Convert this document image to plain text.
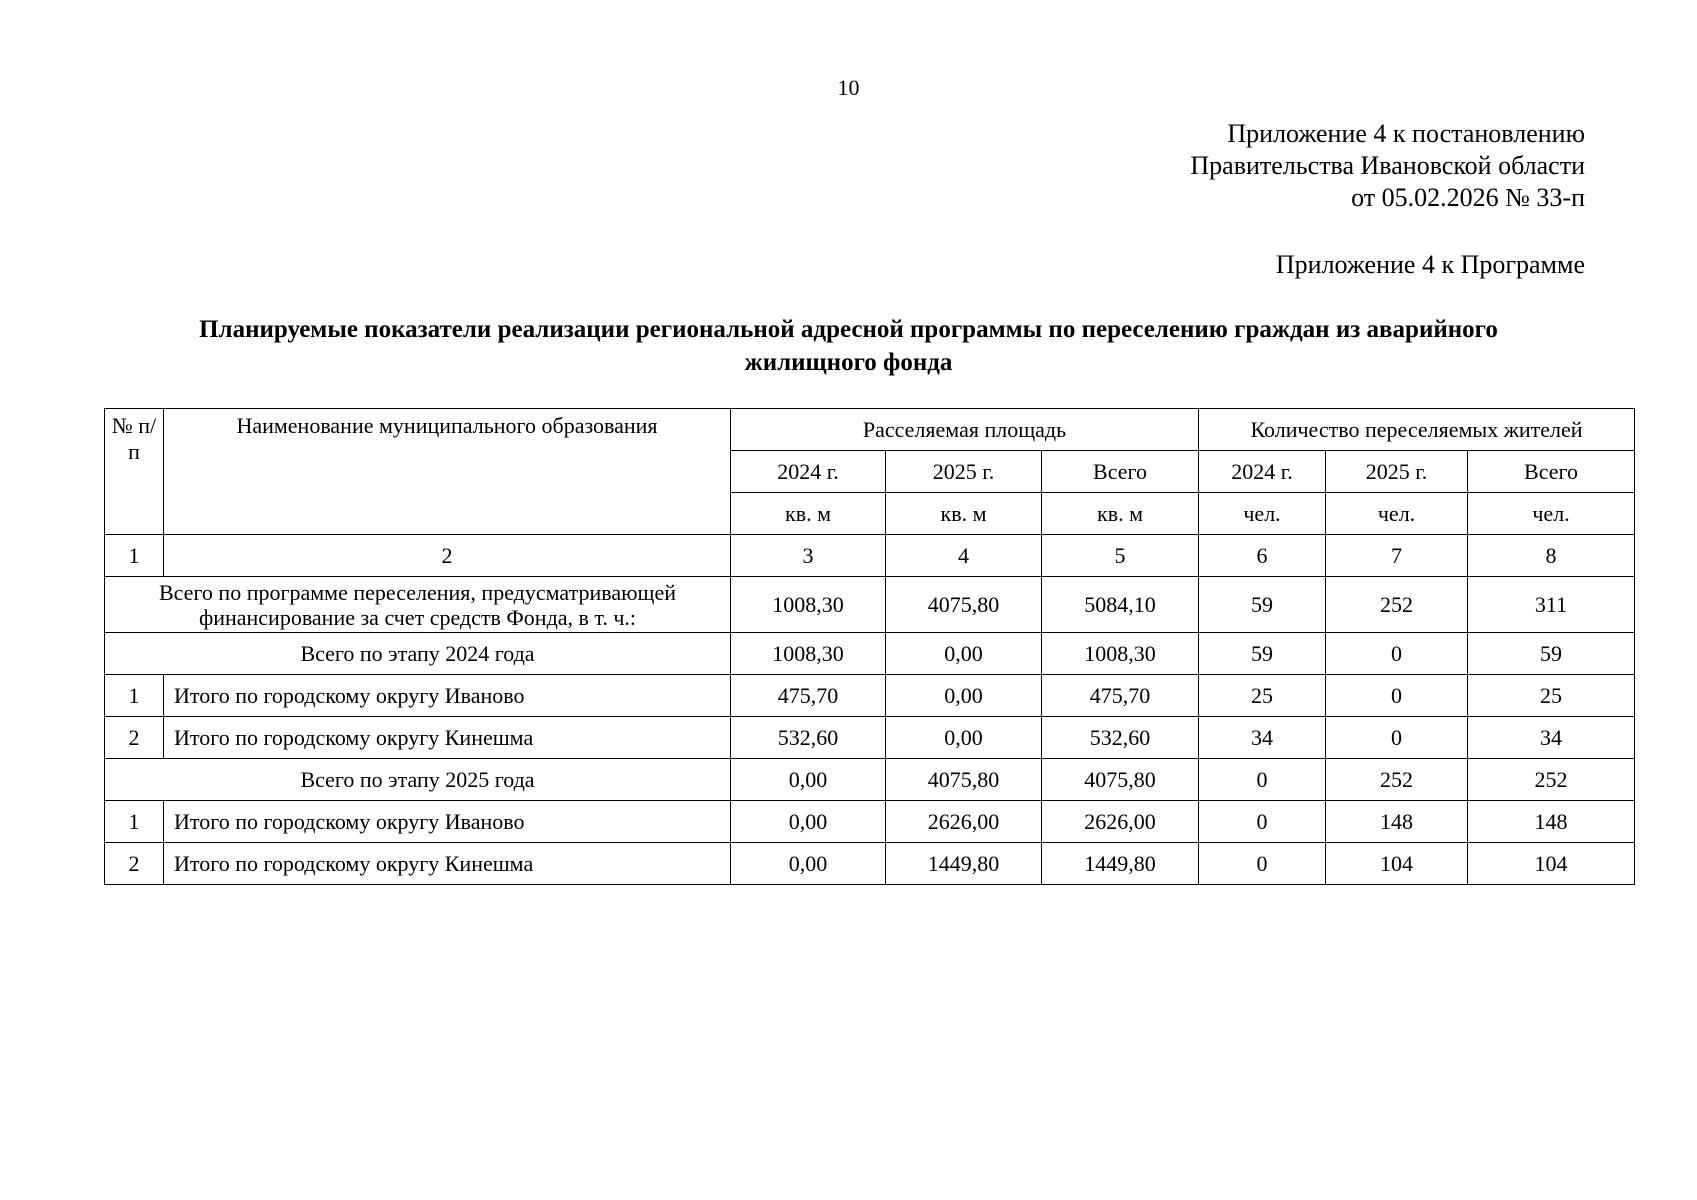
10
Приложение 4 к постановлению
Правительства Ивановской области
от 05.02.2026 № 33-п
Приложение 4 к Программе
Планируемые показатели реализации региональной адресной программы по переселению граждан из аварийного
жилищного фонда
№ п/п	Наименование муниципального образования	Расселяемая площадь			Количество переселяемых жителей		
		2024 г.	2025 г.	Всего	2024 г.	2025 г.	Всего
		кв. м	кв. м	кв. м	чел.	чел.	чел.
1	2	3	4	5	6	7	8

Всего по программе переселения, предусматривающей
финансирование за счет средств Фонда, в т. ч.:		1008,30	4075,80	5084,10	59	252	311
Всего по этапу 2024 года		1008,30	0,00	1008,30	59	0	59
1	Итого по городскому округу Иваново	475,70	0,00	475,70	25	0	25
2	Итого по городскому округу Кинешма	532,60	0,00	532,60	34	0	34
Всего по этапу 2025 года		0,00	4075,80	4075,80	0	252	252
1	Итого по городскому округу Иваново	0,00	2626,00	2626,00	0	148	148
2	Итого по городскому округу Кинешма	0,00	1449,80	1449,80	0	104	104
